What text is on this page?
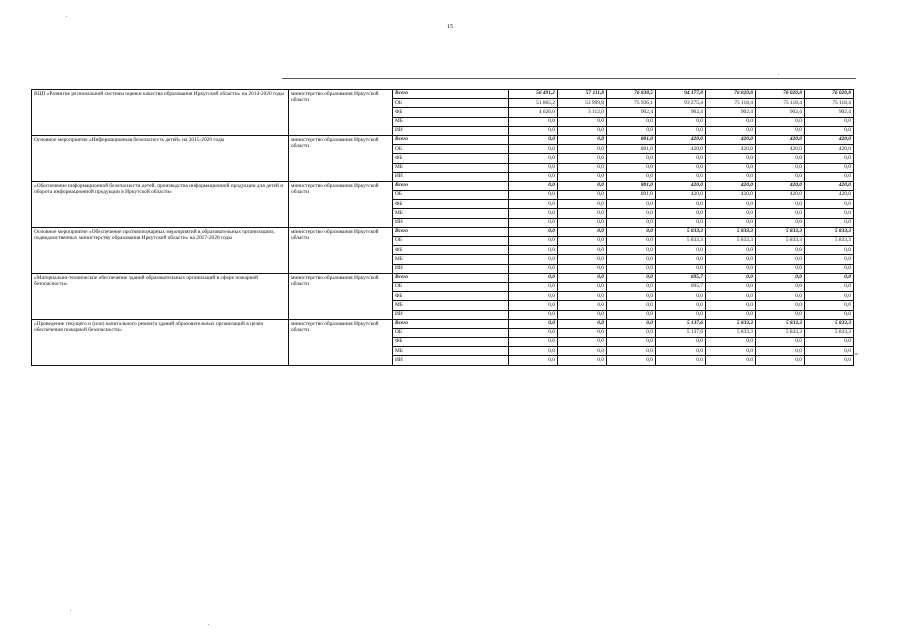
15
ВЦП «Развитие региональной системы оценки качества образования Иркутской области» на 2014-2020 годы	министерство образования Иркутской области	Всего	56 491,2	57 111,8	76 838,5	94 177,8	76 020,8	76 020,8	76 020,8
		ОБ	51 865,2	53 999,8	75 936,1	93 275,4	75 118,4	75 118,4	75 118,4
		ФБ	4 626,0	3 112,0	902,4	902,4	902,4	902,4	902,4
		МБ	0,0	0,0	0,0	0,0	0,0	0,0	0,0
		ИИ	0,0	0,0	0,0	0,0	0,0	0,0	0,0
Основное мероприятие «Информационная безопасность детей» на 2015-2020 годы	министерство образования Иркутской области	Всего	0,0	0,0	801,0	420,0	420,0	420,0	420,0
		ОБ	0,0	0,0	801,0	420,0	420,0	420,0	420,0
		ФБ	0,0	0,0	0,0	0,0	0,0	0,0	0,0
		МБ	0,0	0,0	0,0	0,0	0,0	0,0	0,0
		ИИ	0,0	0,0	0,0	0,0	0,0	0,0	0,0
«Обеспечение информационной безопасности детей, производства информационной продукции для детей и оборота информационной продукции в Иркутской области»	министерство образования Иркутской области	Всего	0,0	0,0	801,0	420,0	420,0	420,0	420,0
		ОБ	0,0	0,0	801,0	420,0	420,0	420,0	420,0
		ФБ	0,0	0,0	0,0	0,0	0,0	0,0	0,0
		МБ	0,0	0,0	0,0	0,0	0,0	0,0	0,0
		ИИ	0,0	0,0	0,0	0,0	0,0	0,0	0,0
Основное мероприятие «Обеспечение противопожарных мероприятий в образовательных организациях, подведомственных министерству образования Иркутской области» на 2017-2020 годы	министерство образования Иркутской области	Всего	0,0	0,0	0,0	5 833,3	5 833,3	5 833,3	5 833,3
		ОБ	0,0	0,0	0,0	5 833,3	5 833,3	5 833,3	5 833,3
		ФБ	0,0	0,0	0,0	0,0	0,0	0,0	0,0
		МБ	0,0	0,0	0,0	0,0	0,0	0,0	0,0
		ИИ	0,0	0,0	0,0	0,0	0,0	0,0	0,0
«Материально-техническое обеспечение зданий образовательных организаций в сфере пожарной безопасности»	министерство образования Иркутской области	Всего	0,0	0,0	0,0	695,7	0,0	0,0	0,0
		ОБ	0,0	0,0	0,0	695,7	0,0	0,0	0,0
		ФБ	0,0	0,0	0,0	0,0	0,0	0,0	0,0
		МБ	0,0	0,0	0,0	0,0	0,0	0,0	0,0
		ИИ	0,0	0,0	0,0	0,0	0,0	0,0	0,0
«Проведение текущего и (или) капитального ремонта зданий образовательных организаций в целях обеспечения пожарной безопасности»	министерство образования Иркутской области	Всего	0,0	0,0	0,0	5 137,6	5 833,3	5 833,3	5 833,3
		ОБ	0,0	0,0	0,0	5 137,6	5 833,3	5 833,3	5 833,3
		ФБ	0,0	0,0	0,0	0,0	0,0	0,0	0,0
		МБ	0,0	0,0	0,0	0,0	0,0	0,0	0,0
		ИИ	0,0	0,0	0,0	0,0	0,0	0,0	0,0
».
